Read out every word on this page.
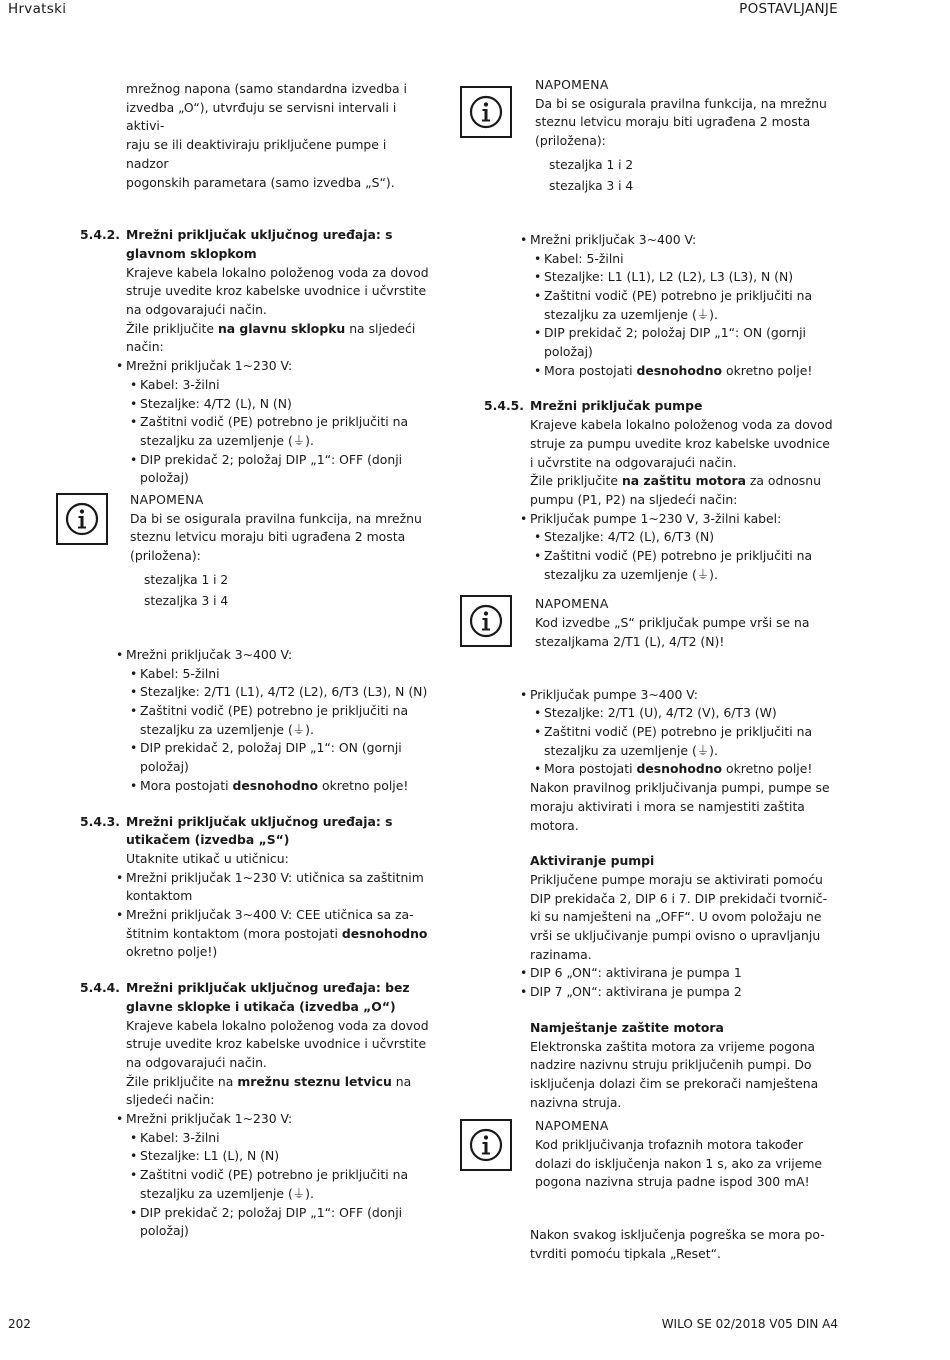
Hrvatski	POSTAVLJANJE

mrežnog napona (samo standardna izvedba i

izvedba „O“), utvrđuju se servisni intervali i aktivi-

raju se ili deaktiviraju priključene pumpe i nadzor

pogonskih parametara (samo izvedba „S“).

5.4.2. Mrežni priključak uključnog uređaja: s glavnom sklopkom

Krajeve kabela lokalno položenog voda za dovod struje uvedite kroz kabelske uvodnice i učvrstite na odgovarajući način.

Žile priključite na glavnu sklopku na sljedeći način:

• Mrežni priključak 1~230 V:
• Kabel: 3-žilni
• Stezaljke: 4/T2 (L), N (N)
• Zaštitni vodič (PE) potrebno je priključiti na stezaljku za uzemljenje (⏚).
• DIP prekidač 2; položaj DIP „1“: OFF (donji položaj)

NAPOMENA

Da bi se osigurala pravilna funkcija, na mrežnu steznu letvicu moraju biti ugrađena 2 mosta (priložena):

stezaljka 1 i 2
stezaljka 3 i 4
• Mrežni priključak 3~400 V:
• Kabel: 5-žilni
• Stezaljke: 2/T1 (L1), 4/T2 (L2), 6/T3 (L3), N (N)
• Zaštitni vodič (PE) potrebno je priključiti na stezaljku za uzemljenje (⏚).
• DIP prekidač 2, položaj DIP „1“: ON (gornji položaj)
• Mora postojati desnohodno okretno polje!
5.4.3. Mrežni priključak uključnog uređaja: s utikačem (izvedba „S“)

Utaknite utikač u utičnicu:

• Mrežni priključak 1~230 V: utičnica sa zaštitnim kontaktom
• Mrežni priključak 3~400 V: CEE utičnica sa za-štitnim kontaktom (mora postojati desnohodno okretno polje!)
5.4.4. Mrežni priključak uključnog uređaja: bez glavne sklopke i utikača (izvedba „O“)

Krajeve kabela lokalno položenog voda za dovod struje uvedite kroz kabelske uvodnice i učvrstite na odgovarajući način.

Žile priključite na mrežnu steznu letvicu na sljedeći način:

• Mrežni priključak 1~230 V:
• Kabel: 3-žilni
• Stezaljke: L1 (L), N (N)
• Zaštitni vodič (PE) potrebno je priključiti na stezaljku za uzemljenje (⏚).
• DIP prekidač 2; položaj DIP „1“: OFF (donji položaj)

NAPOMENA

Da bi se osigurala pravilna funkcija, na mrežnu steznu letvicu moraju biti ugrađena 2 mosta (priložena):

stezaljka 1 i 2
stezaljka 3 i 4
• Mrežni priključak 3~400 V:
• Kabel: 5-žilni
• Stezaljke: L1 (L1), L2 (L2), L3 (L3), N (N)
• Zaštitni vodič (PE) potrebno je priključiti na stezaljku za uzemljenje (⏚).
• DIP prekidač 2; položaj DIP „1“: ON (gornji položaj)
• Mora postojati desnohodno okretno polje!
5.4.5. Mrežni priključak pumpe

Krajeve kabela lokalno položenog voda za dovod struje za pumpu uvedite kroz kabelske uvodnice i učvrstite na odgovarajući način.

Žile priključite na zaštitu motora za odnosnu pumpu (P1, P2) na sljedeći način:

• Priključak pumpe 1~230 V, 3-žilni kabel:
• Stezaljke: 4/T2 (L), 6/T3 (N)
• Zaštitni vodič (PE) potrebno je priključiti na stezaljku za uzemljenje (⏚).

NAPOMENA

Kod izvedbe „S“ priključak pumpe vrši se na stezaljkama 2/T1 (L), 4/T2 (N)!

• Priključak pumpe 3~400 V:
• Stezaljke: 2/T1 (U), 4/T2 (V), 6/T3 (W)
• Zaštitni vodič (PE) potrebno je priključiti na stezaljku za uzemljenje (⏚).
• Mora postojati desnohodno okretno polje!

Nakon pravilnog priključivanja pumpi, pumpe se moraju aktivirati i mora se namjestiti zaštita motora.

Aktiviranje pumpi

Priključene pumpe moraju se aktivirati pomoću DIP prekidača 2, DIP 6 i 7. DIP prekidači tvornič-ki su namješteni na „OFF“. U ovom položaju ne vrši se uključivanje pumpi ovisno o upravljanju razinama.

• DIP 6 „ON“: aktivirana je pumpa 1
• DIP 7 „ON“: aktivirana je pumpa 2

Namještanje zaštite motora

Elektronska zaštita motora za vrijeme pogona nadzire nazivnu struju priključenih pumpi. Do isključenja dolazi čim se prekorači namještena nazivna struja.

NAPOMENA

Kod priključivanja trofaznih motora također dolazi do isključenja nakon 1 s, ako za vrijeme pogona nazivna struja padne ispod 300 mA!

Nakon svakog isključenja pogreška se mora po-tvrditi pomoću tipkala „Reset“.

202	WILO SE 02/2018 V05 DIN A4
